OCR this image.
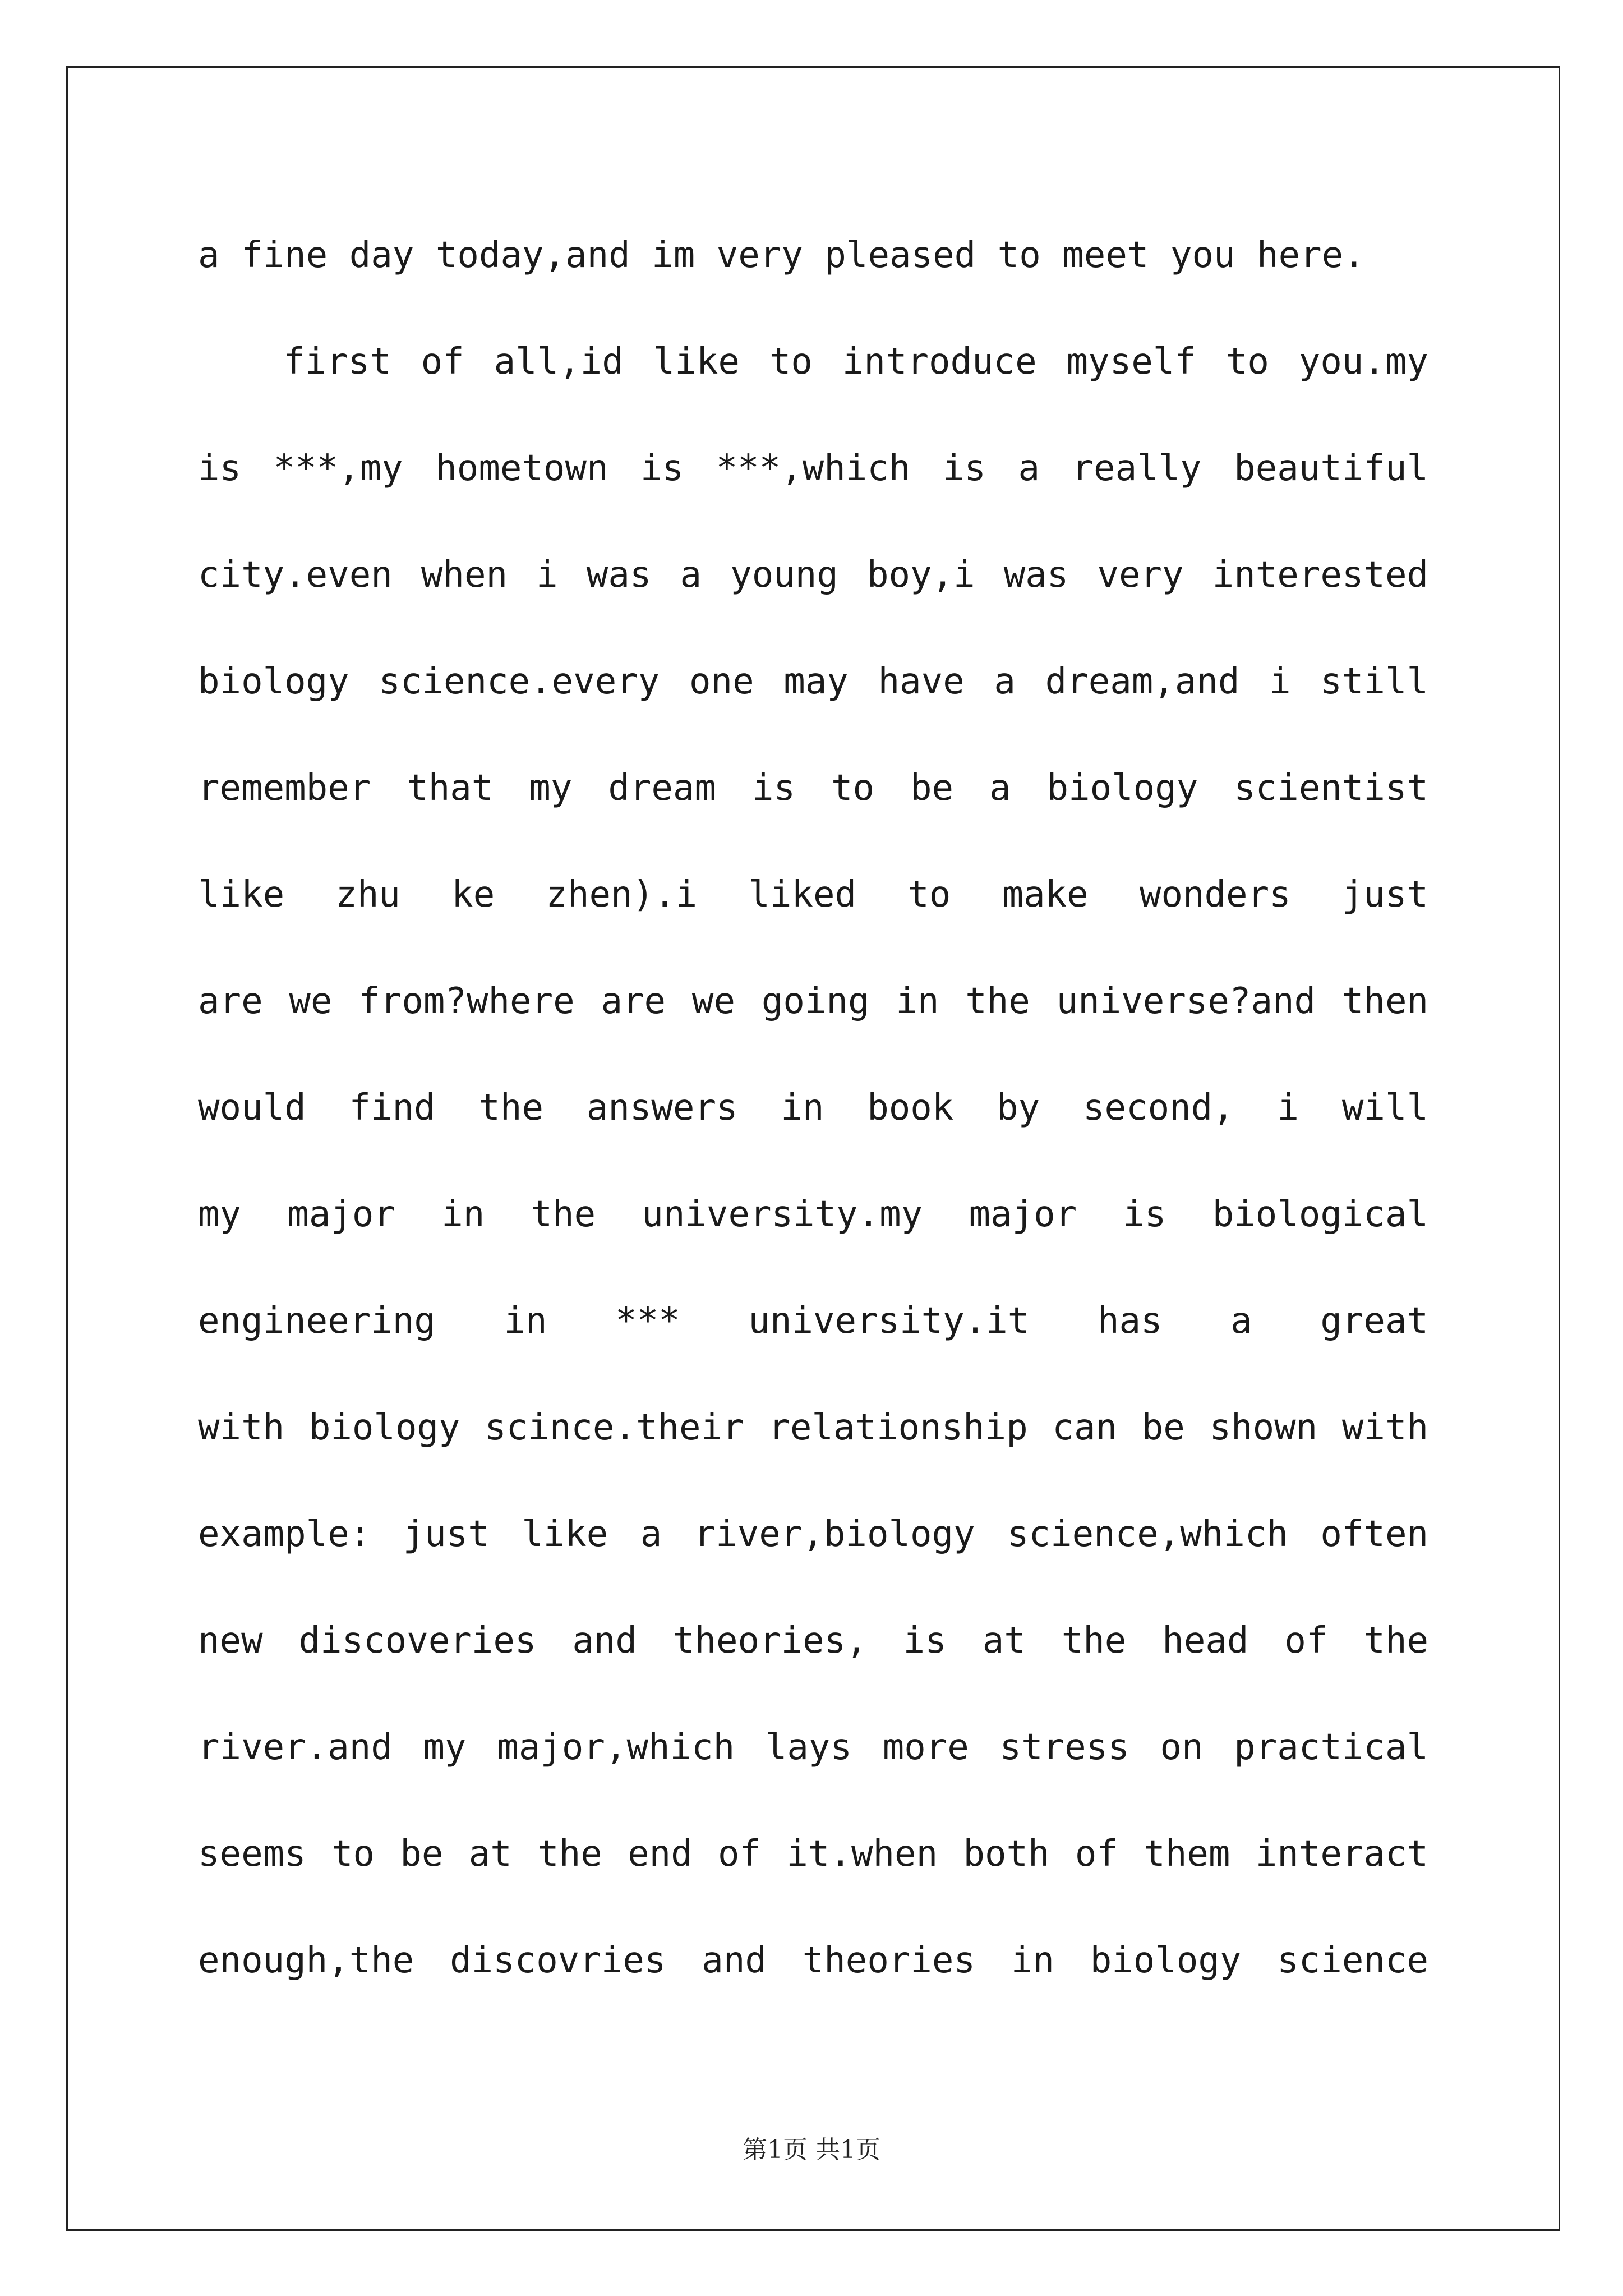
a fine day today,and im very pleased to meet you here.
first of all,id like to introduce myself to you.my
is ***,my hometown is ***,which is a really beautiful
city.even when i was a young boy,i was very interested
biology science.every one may have a dream,and i still
remember that my dream is to be a biology scientist
like zhu ke zhen).i liked to make wonders just
are we from?where are we going in the universe?and then
would find the answers in book by second, i will
my major in the university.my major is biological
engineering in *** university.it has a great
with biology scince.their relationship can be shown with
example: just like a river,biology science,which often
new discoveries and theories, is at the head of the
river.and my major,which lays more stress on practical
seems to be at the end of it.when both of them interact
enough,the discovries and theories in biology science
第1页 共1页
